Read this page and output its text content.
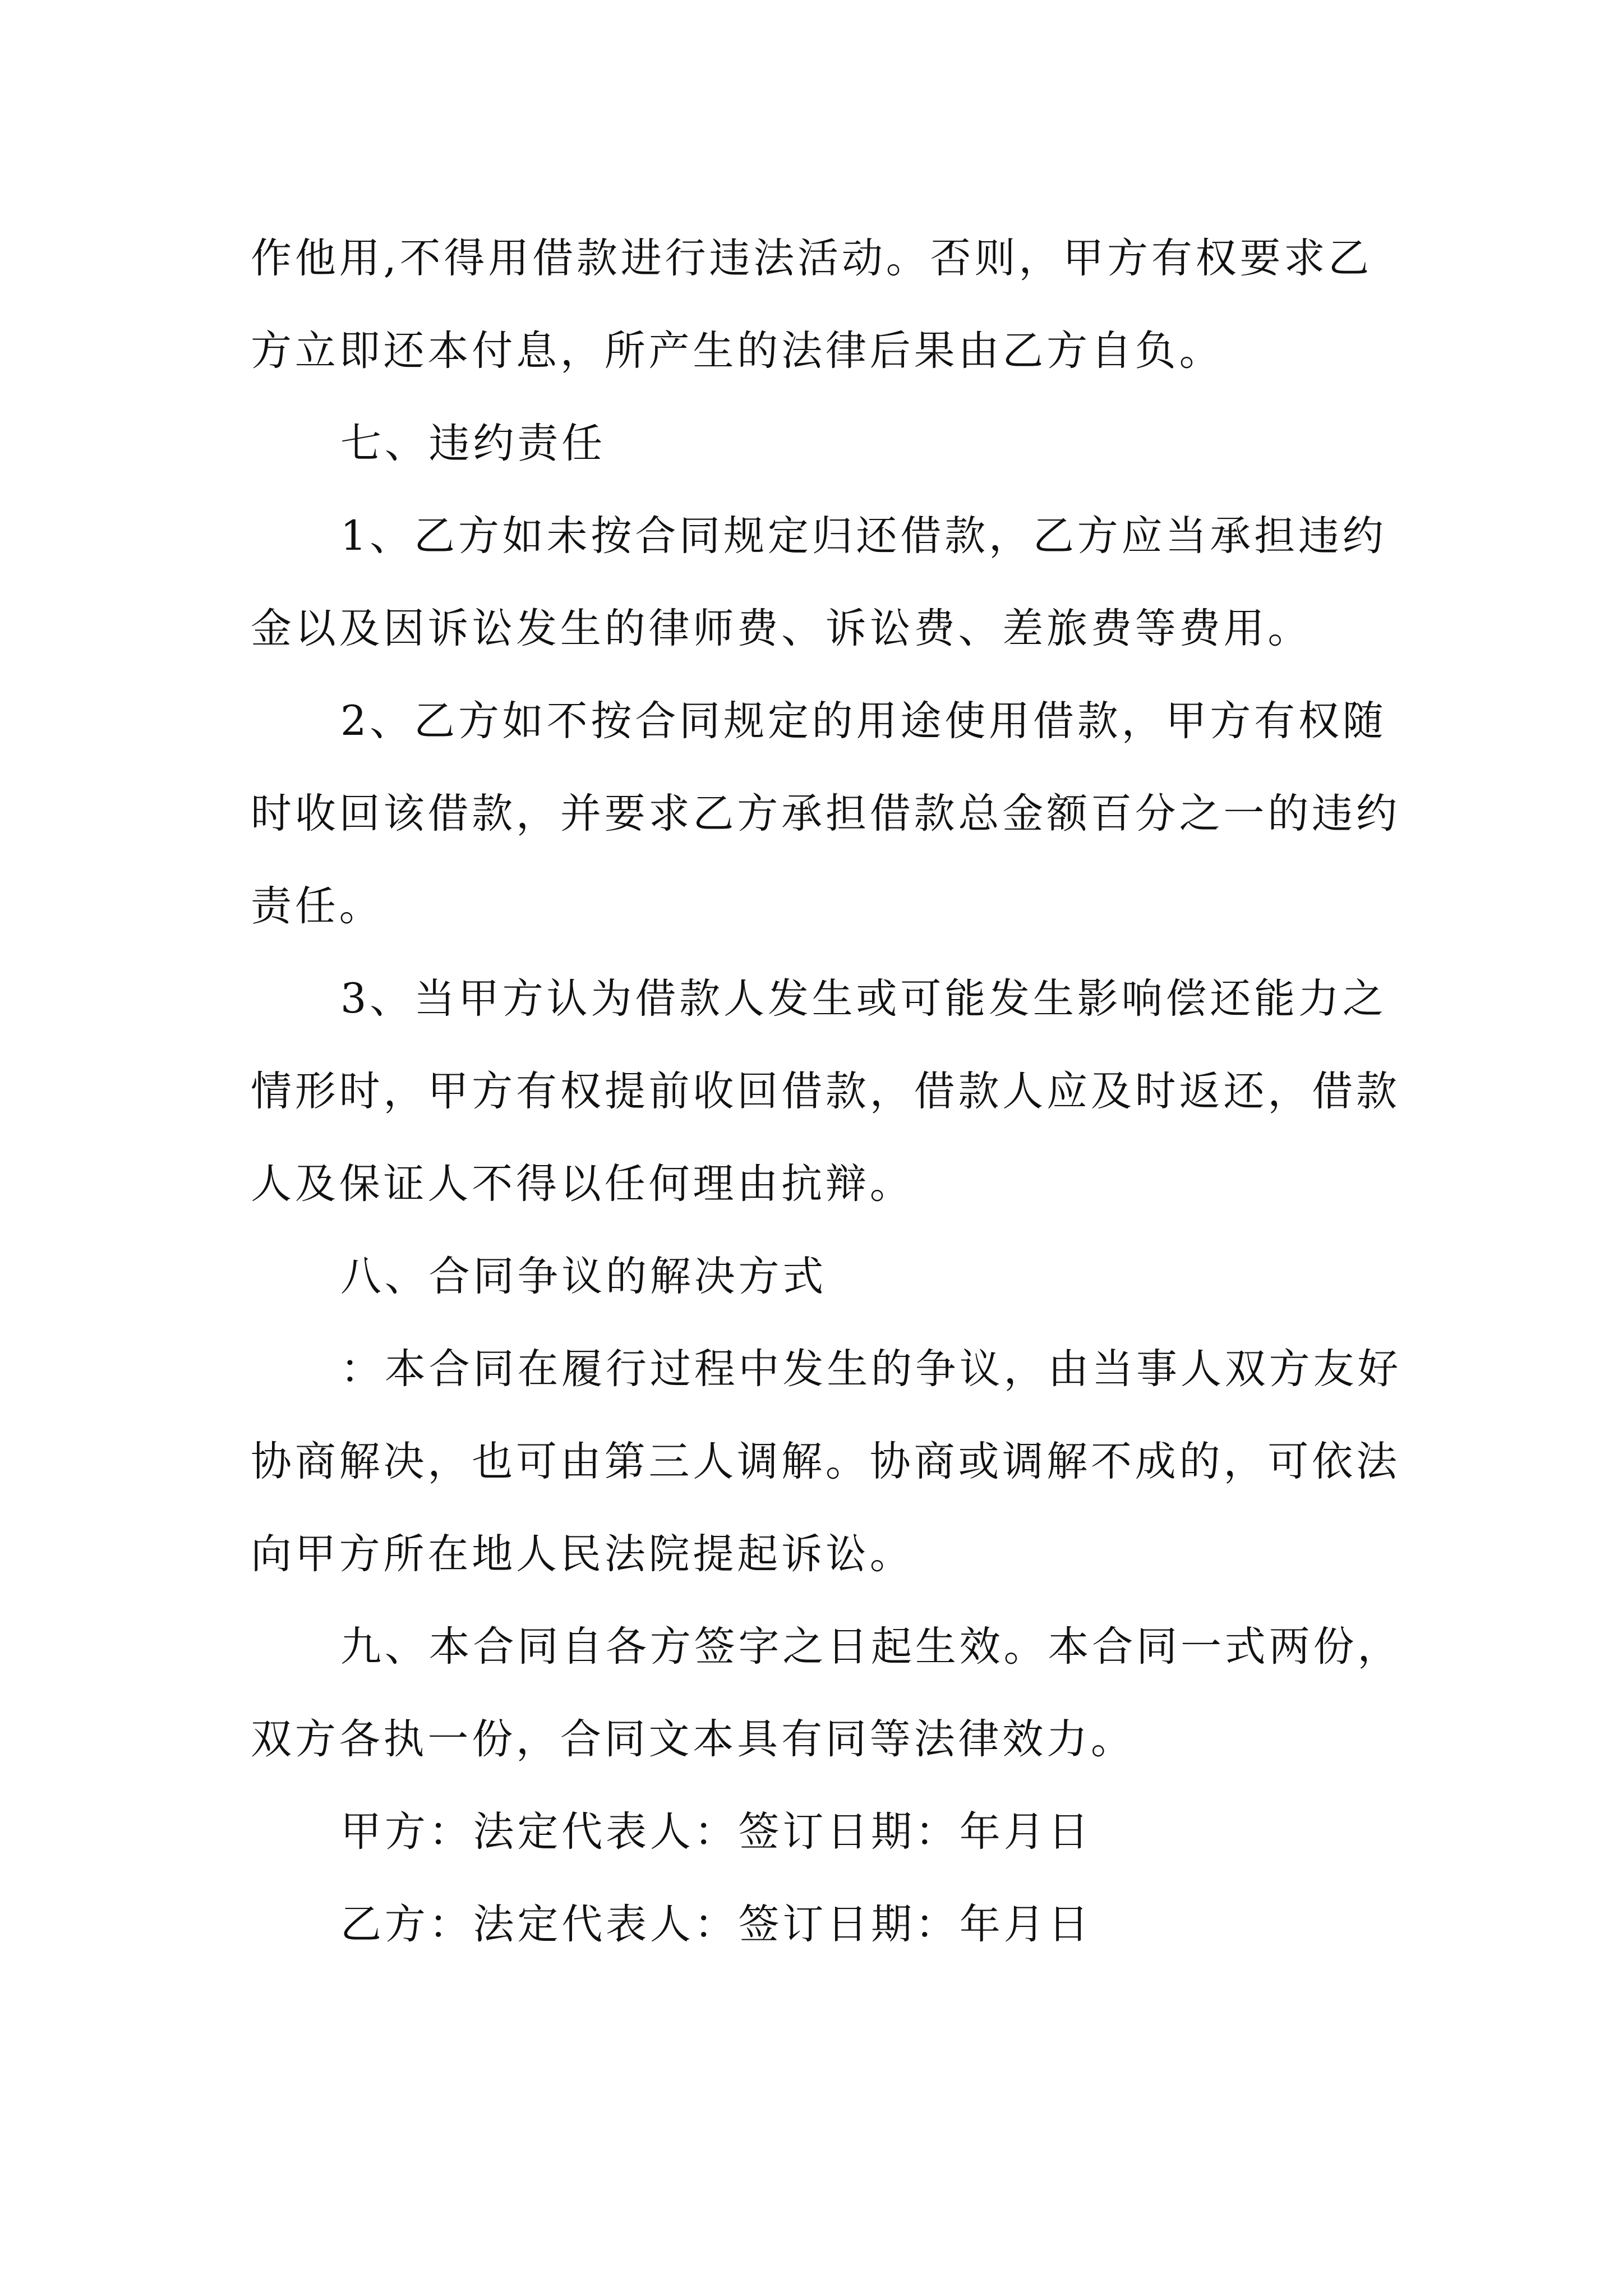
作他用,不得用借款进行违法活动。否则，甲方有权要求乙
方立即还本付息，所产生的法律后果由乙方自负。
七、违约责任
1、乙方如未按合同规定归还借款，乙方应当承担违约
金以及因诉讼发生的律师费、诉讼费、差旅费等费用。
2、乙方如不按合同规定的用途使用借款，甲方有权随
时收回该借款，并要求乙方承担借款总金额百分之一的违约
责任。
3、当甲方认为借款人发生或可能发生影响偿还能力之
情形时，甲方有权提前收回借款，借款人应及时返还，借款
人及保证人不得以任何理由抗辩。
八、合同争议的解决方式
：本合同在履行过程中发生的争议，由当事人双方友好
协商解决，也可由第三人调解。协商或调解不成的，可依法
向甲方所在地人民法院提起诉讼。
九、本合同自各方签字之日起生效。本合同一式两份，
双方各执一份，合同文本具有同等法律效力。
甲方：法定代表人：签订日期：年月日
乙方：法定代表人：签订日期：年月日
